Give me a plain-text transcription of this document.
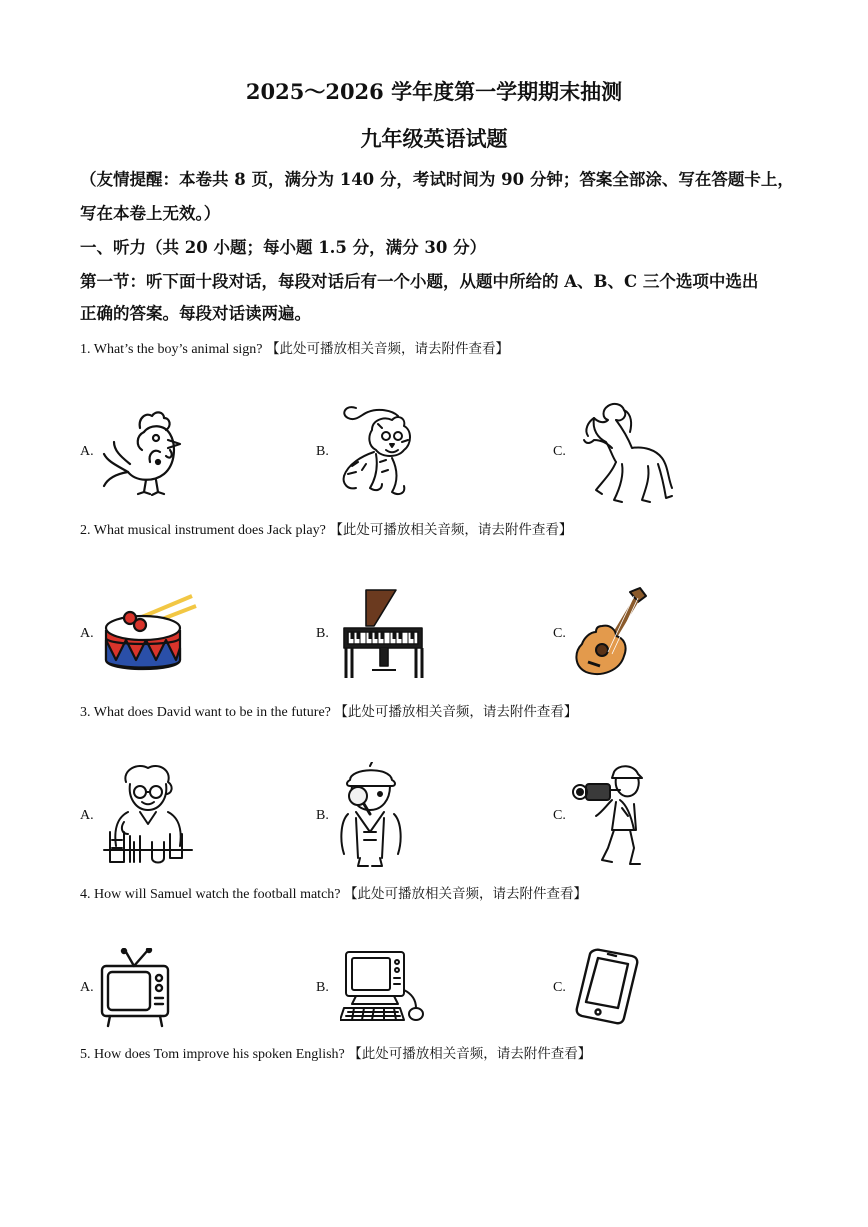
2025～2026 学年度第一学期期末抽测
九年级英语试题
（友情提醒：本卷共 8 页，满分为 140 分，考试时间为 90 分钟；答案全部涂、写在答题卡上，
写在本卷上无效。）
一、听力（共 20 小题；每小题 1.5 分，满分 30 分）
第一节：听下面十段对话，每段对话后有一个小题，从题中所给的 A、B、C 三个选项中选出
正确的答案。每段对话读两遍。
1. What’s the boy’s animal sign? 【此处可播放相关音频，请去附件查看】
A.	B.	C.
2. What musical instrument does Jack play? 【此处可播放相关音频，请去附件查看】
A.	B.	C.
3. What does David want to be in the future? 【此处可播放相关音频，请去附件查看】
A.	B.	C.
4. How will Samuel watch the football match? 【此处可播放相关音频，请去附件查看】
A.	B.	C.
5. How does Tom improve his spoken English? 【此处可播放相关音频，请去附件查看】
